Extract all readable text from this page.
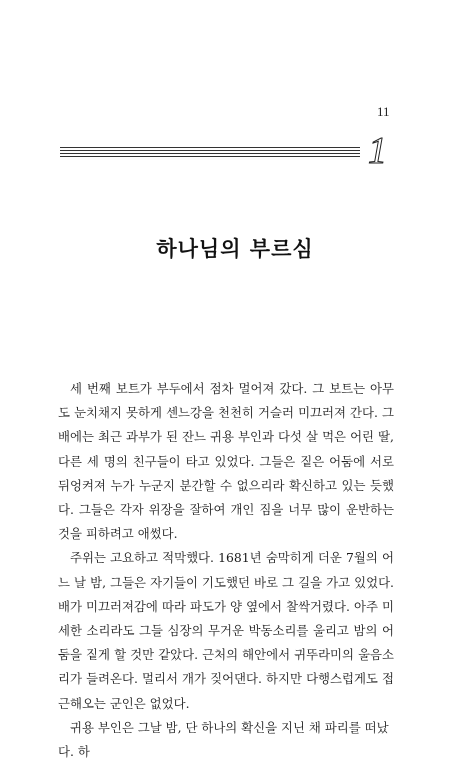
11
1
하나님의 부르심

세 번째 보트가 부두에서 점차 멀어져 갔다. 그 보트는 아무도 눈치채지 못하게 센느강을 천천히 거슬러 미끄러져 간다. 그 배에는 최근 과부가 된 잔느 귀용 부인과 다섯 살 먹은 어린 딸, 다른 세 명의 친구들이 타고 있었다. 그들은 짙은 어둠에 서로 뒤엉켜져 누가 누군지 분간할 수 없으리라 확신하고 있는 듯했다. 그들은 각자 위장을 잘하여 개인 짐을 너무 많이 운반하는 것을 피하려고 애썼다.

주위는 고요하고 적막했다. 1681년 숨막히게 더운 7월의 어느 날 밤, 그들은 자기들이 기도했던 바로 그 길을 가고 있었다. 배가 미끄러져감에 따라 파도가 양 옆에서 찰싹거렸다. 아주 미세한 소리라도 그들 심장의 무거운 박동소리를 울리고 밤의 어둠을 짙게 할 것만 같았다. 근처의 해안에서 귀뚜라미의 울음소리가 들려온다. 멀리서 개가 짖어댄다. 하지만 다행스럽게도 접근해오는 군인은 없었다.

귀용 부인은 그날 밤, 단 하나의 확신을 지닌 채 파리를 떠났다. 하
